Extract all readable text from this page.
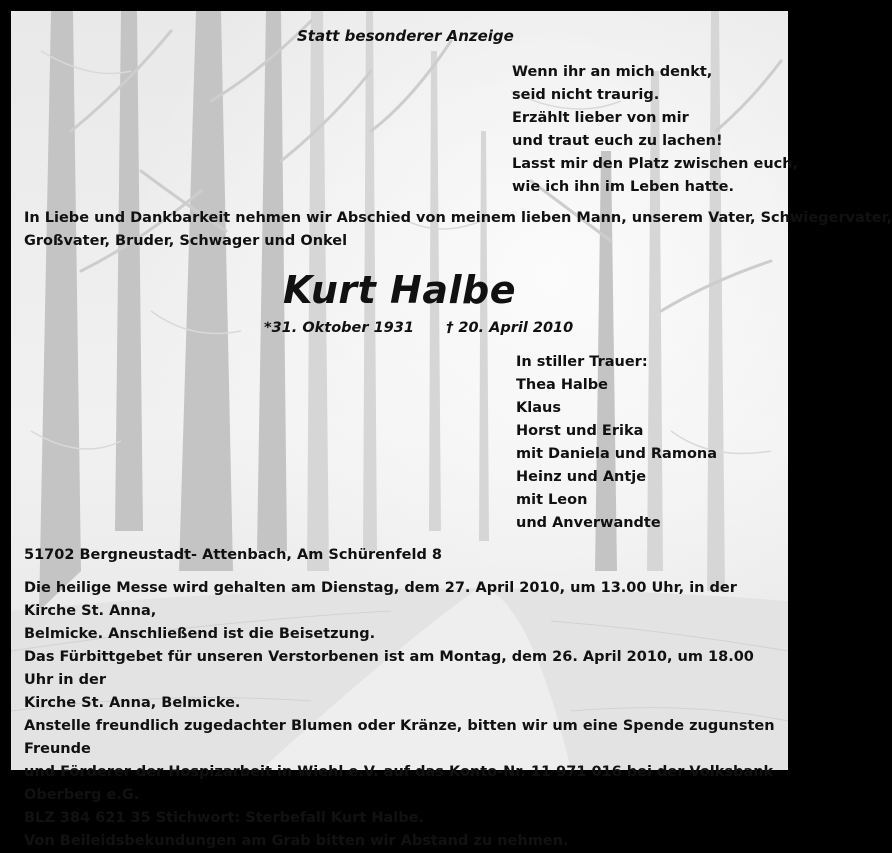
Statt besonderer Anzeige

Wenn ihr an mich denkt,
seid nicht traurig.
Erzählt lieber von mir
und traut euch zu lachen!
Lasst mir den Platz zwischen euch,
wie ich ihn im Leben hatte.
In Liebe und Dankbarkeit nehmen wir Abschied von meinem lieben Mann, unserem Vater, Schwiegervater,
Großvater, Bruder, Schwager und Onkel
Kurt Halbe
*31. Oktober 1931 † 20. April 2010
In stiller Trauer:
Thea Halbe
Klaus
Horst und Erika
mit Daniela und Ramona
Heinz und Antje
mit Leon
und Anverwandte

51702 Bergneustadt- Attenbach, Am Schürenfeld 8

Die heilige Messe wird gehalten am Dienstag, dem 27. April 2010, um 13.00 Uhr, in der Kirche St. Anna,
Belmicke. Anschließend ist die Beisetzung.
Das Fürbittgebet für unseren Verstorbenen ist am Montag, dem 26. April 2010, um 18.00 Uhr in der
Kirche St. Anna, Belmicke.
Anstelle freundlich zugedachter Blumen oder Kränze, bitten wir um eine Spende zugunsten Freunde
und Förderer der Hospizarbeit in Wiehl e.V. auf das Konto-Nr. 11 971 016 bei der Volksbank Oberberg e.G.
BLZ 384 621 35 Stichwort: Sterbefall Kurt Halbe.
Von Beileidsbekundungen am Grab bitten wir Abstand zu nehmen.
